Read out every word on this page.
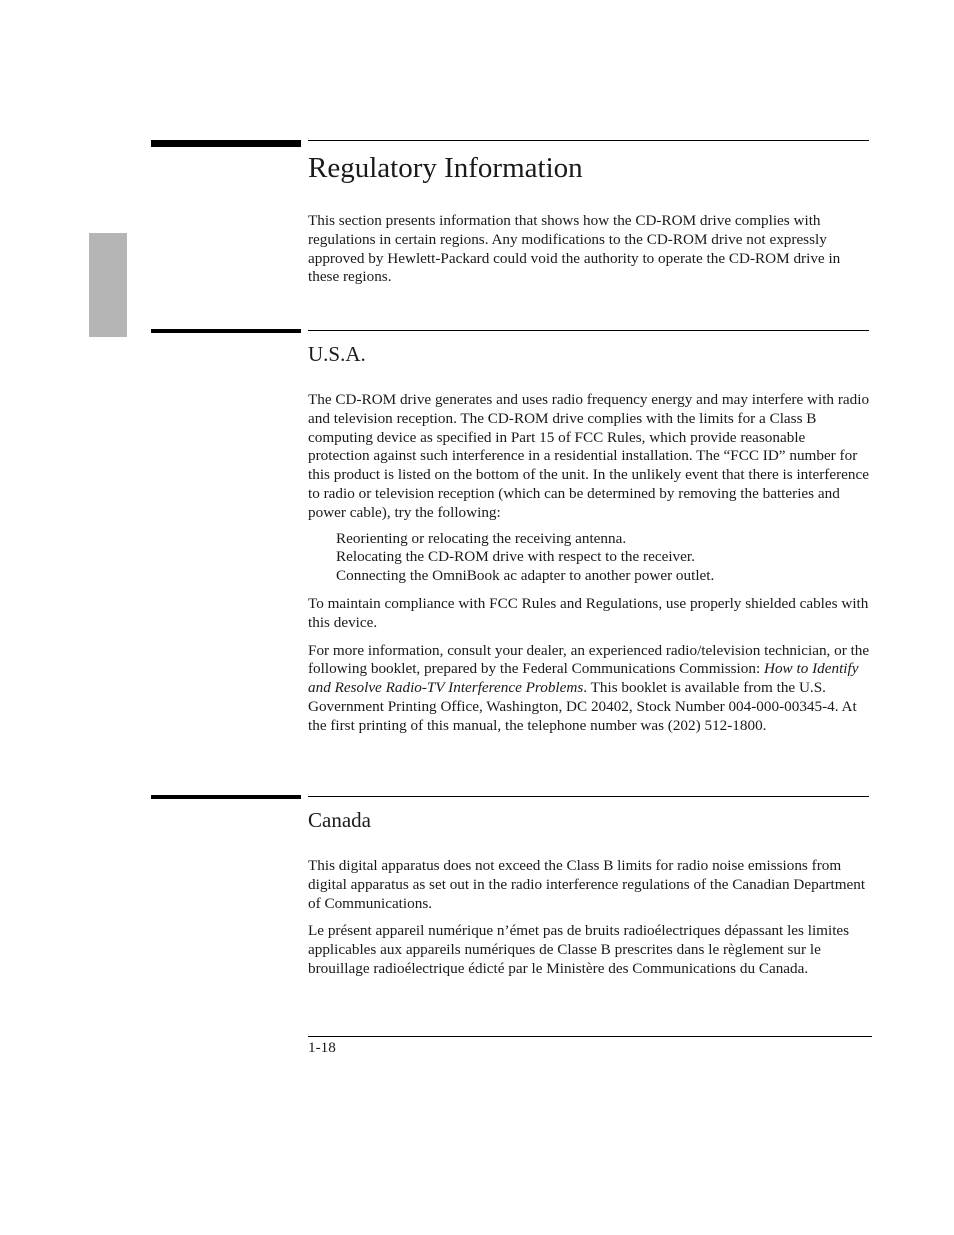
Regulatory Information

This section presents information that shows how the CD-ROM drive complies with regulations in certain regions. Any modifications to the CD-ROM drive not expressly approved by Hewlett-Packard could void the authority to operate the CD-ROM drive in these regions.

U.S.A.

The CD-ROM drive generates and uses radio frequency energy and may interfere with radio and television reception. The CD-ROM drive complies with the limits for a Class B computing device as specified in Part 15 of FCC Rules, which provide reasonable protection against such interference in a residential installation. The “FCC ID” number for this product is listed on the bottom of the unit. In the unlikely event that there is interference to radio or television reception (which can be determined by removing the batteries and power cable), try the following:

Reorienting or relocating the receiving antenna.
Relocating the CD-ROM drive with respect to the receiver.
Connecting the OmniBook ac adapter to another power outlet.

To maintain compliance with FCC Rules and Regulations, use properly shielded cables with this device.

For more information, consult your dealer, an experienced radio/television technician, or the following booklet, prepared by the Federal Communications Commission: How to Identify and Resolve Radio-TV Interference Problems. This booklet is available from the U.S. Government Printing Office, Washington, DC 20402, Stock Number 004-000-00345-4. At the first printing of this manual, the telephone number was (202) 512-1800.

Canada

This digital apparatus does not exceed the Class B limits for radio noise emissions from digital apparatus as set out in the radio interference regulations of the Canadian Department of Communications.

Le présent appareil numérique n’émet pas de bruits radioélectriques dépassant les limites applicables aux appareils numériques de Classe B prescrites dans le règlement sur le brouillage radioélectrique édicté par le Ministère des Communications du Canada.

1-18
